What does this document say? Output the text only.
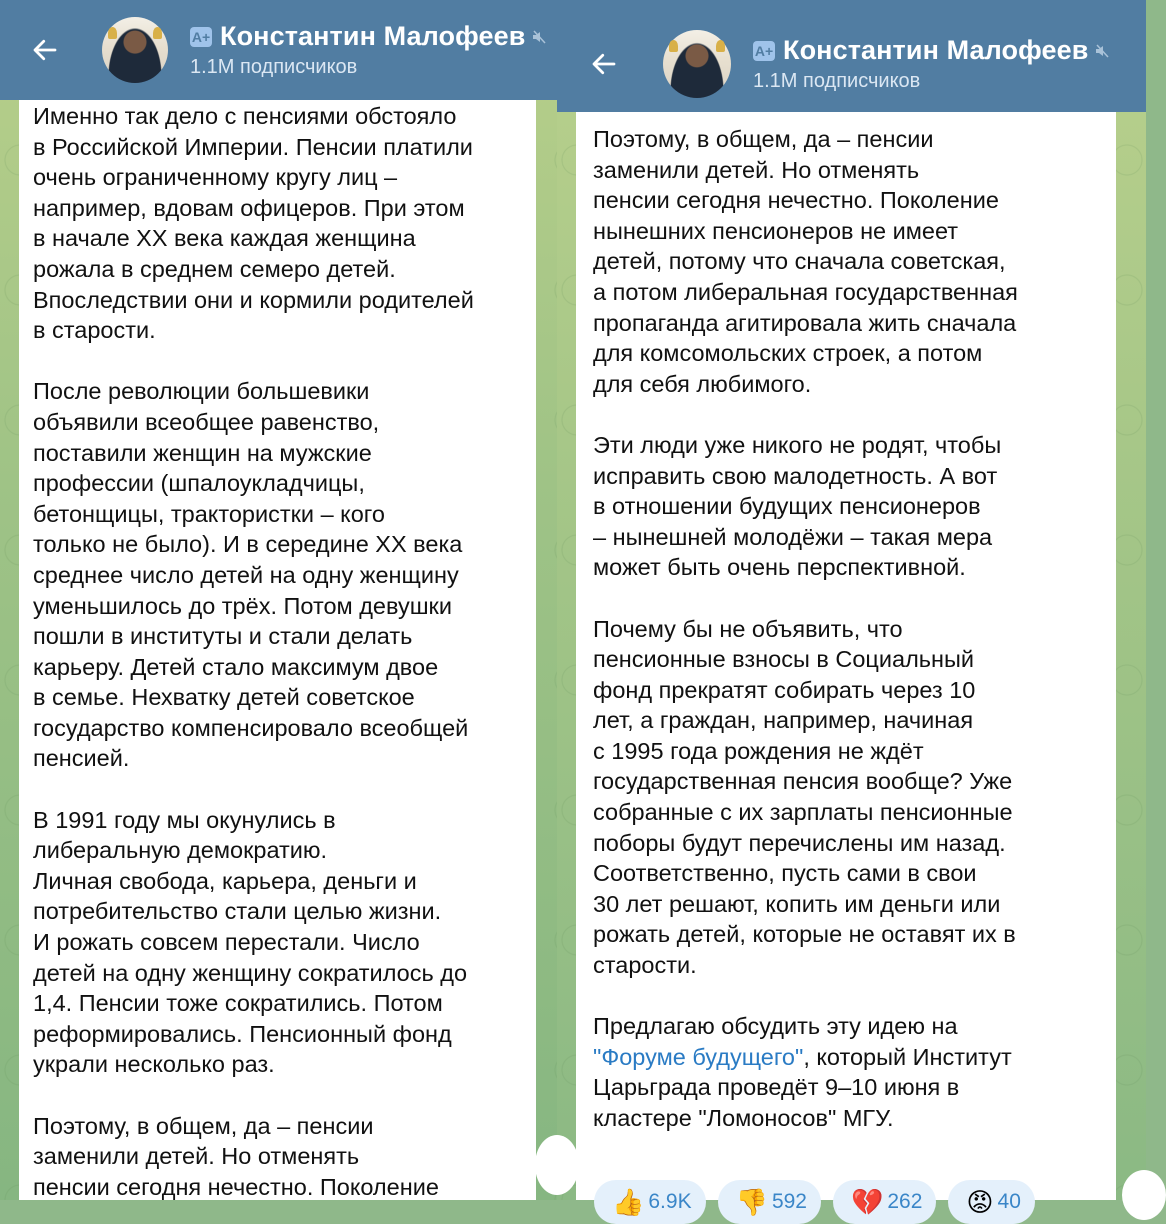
A+ Константин Малофеев
1.1M подписчиков
Именно так дело с пенсиями обстояло
в Российской Империи. Пенсии платили
очень ограниченному кругу лиц –
например, вдовам офицеров. При этом
в начале XX века каждая женщина
рожала в среднем семеро детей.
Впоследствии они и кормили родителей
в старости.
После революции большевики
объявили всеобщее равенство,
поставили женщин на мужские
профессии (шпалоукладчицы,
бетонщицы, трактористки – кого
только не было). И в середине XX века
среднее число детей на одну женщину
уменьшилось до трёх. Потом девушки
пошли в институты и стали делать
карьеру. Детей стало максимум двое
в семье. Нехватку детей советское
государство компенсировало всеобщей
пенсией.
В 1991 году мы окунулись в
либеральную демократию.
Личная свобода, карьера, деньги и
потребительство стали целью жизни.
И рожать совсем перестали. Число
детей на одну женщину сократилось до
1,4. Пенсии тоже сократились. Потом
реформировались. Пенсионный фонд
украли несколько раз.
Поэтому, в общем, да – пенсии
заменили детей. Но отменять
пенсии сегодня нечестно. Поколение
A+ Константин Малофеев
1.1M подписчиков
Поэтому, в общем, да – пенсии
заменили детей. Но отменять
пенсии сегодня нечестно. Поколение
нынешних пенсионеров не имеет
детей, потому что сначала советская,
а потом либеральная государственная
пропаганда агитировала жить сначала
для комсомольских строек, а потом
для себя любимого.
Эти люди уже никого не родят, чтобы
исправить свою малодетность. А вот
в отношении будущих пенсионеров
– нынешней молодёжи – такая мера
может быть очень перспективной.
Почему бы не объявить, что
пенсионные взносы в Социальный
фонд прекратят собирать через 10
лет, а граждан, например, начиная
с 1995 года рождения не ждёт
государственная пенсия вообще? Уже
собранные с их зарплаты пенсионные
поборы будут перечислены им назад.
Соответственно, пусть сами в свои
30 лет решают, копить им деньги или
рожать детей, которые не оставят их в
старости.
Предлагаю обсудить эту идею на
"Форуме будущего", который Институт
Царьграда проведёт 9–10 июня в
кластере "Ломоносов" МГУ.
👍 6.9K 👎 592 💔 262 😡 40
